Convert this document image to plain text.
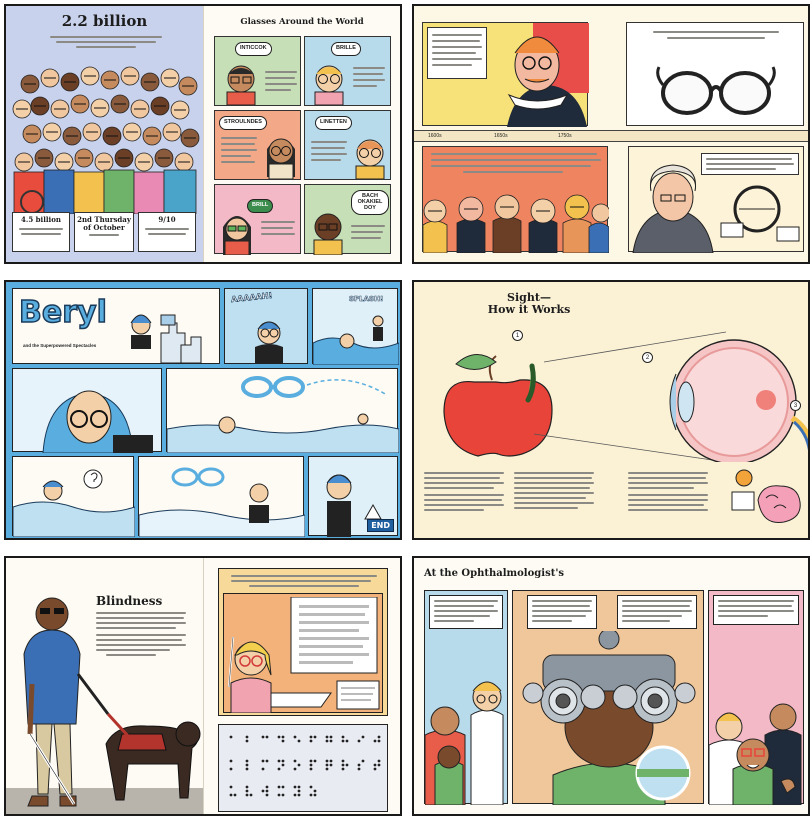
2.2 billion
4.5 billion	2nd Thursday of October
9/10
Glasses Around the World
INTICCOK	BRILLE
STROULNDES	LINETTEN
BRILL
BACH OKAKIEL DOY
1600s	1650s	1750s
Beryl
and the Superpowered Spectacles
AAAAAH!	SPLASH!
END
Sight—
How it Works
1
2
3
Blindness
At the Ophthalmologist's
